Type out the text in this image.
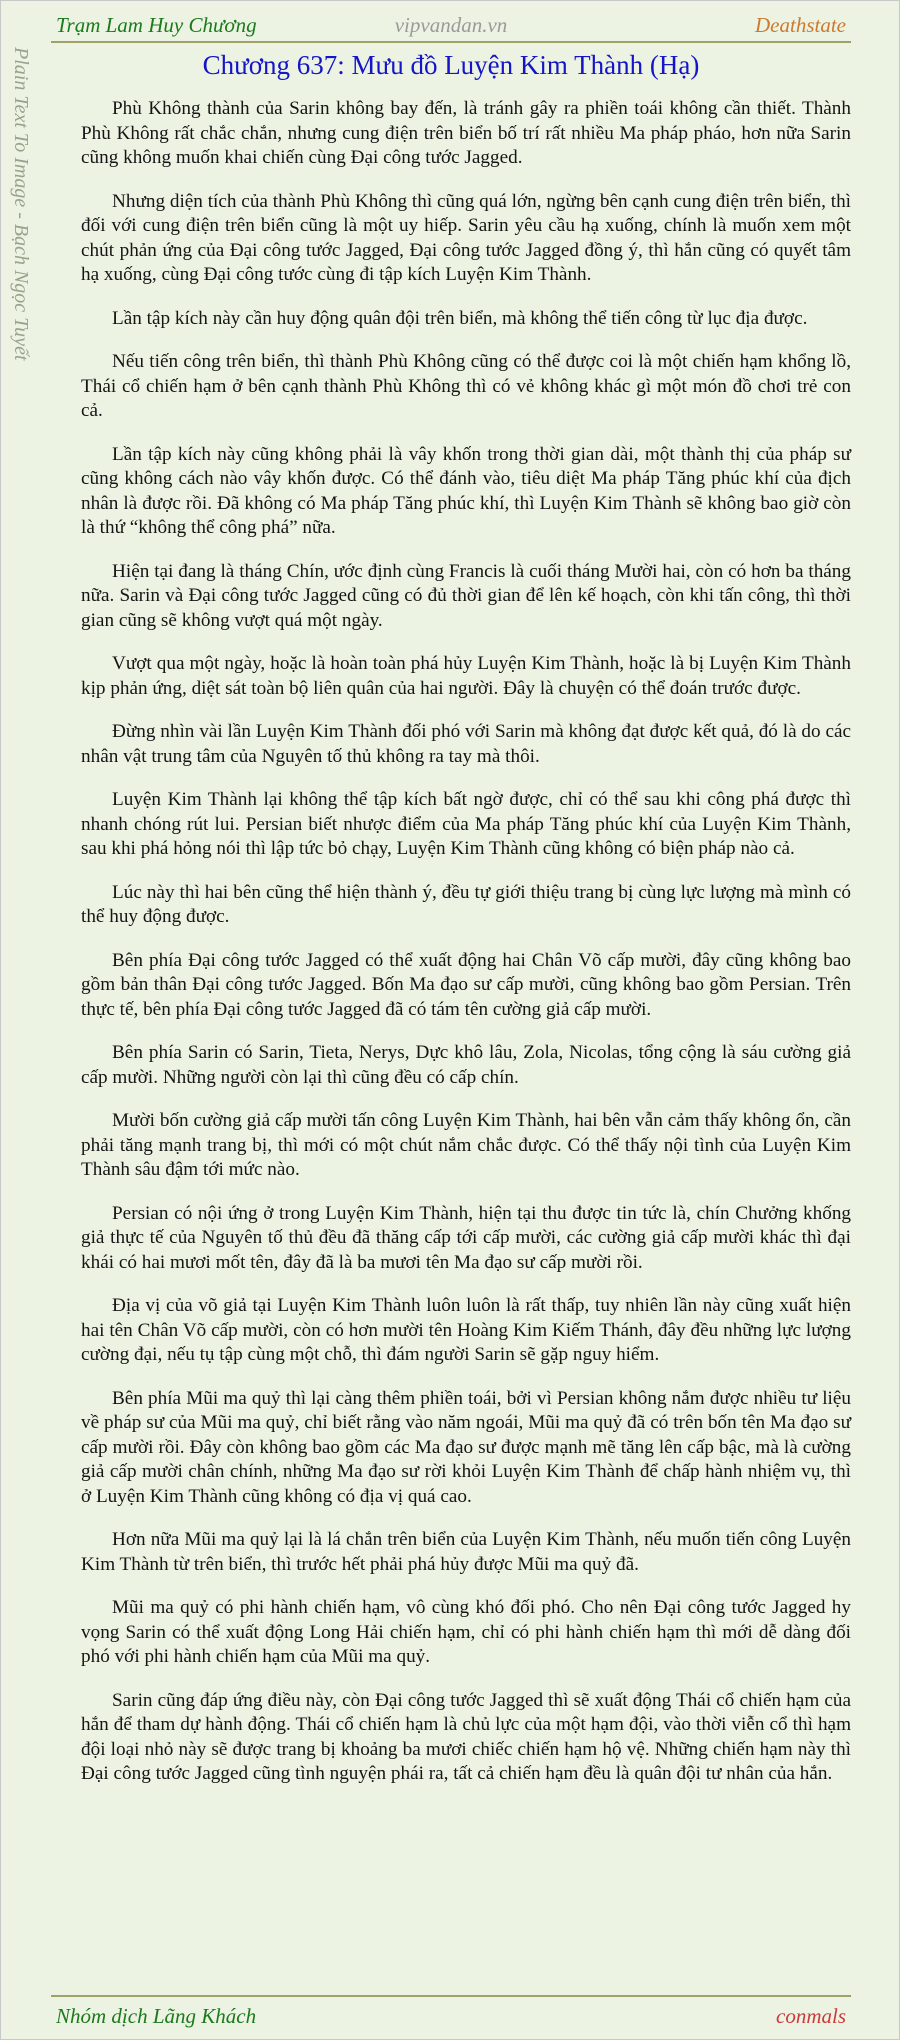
Trạm Lam Huy Chương	vipvandan.vn	Deathstate
Plain Text To Image - Bạch Ngọc Tuyết	Chương 637: Mưu đồ Luyện Kim Thành (Hạ)

Phù Không thành của Sarin không bay đến, là tránh gây ra phiền toái không cần thiết. Thành Phù Không rất chắc chắn, nhưng cung điện trên biển bố trí rất nhiều Ma pháp pháo, hơn nữa Sarin cũng không muốn khai chiến cùng Đại công tước Jagged.

Nhưng diện tích của thành Phù Không thì cũng quá lớn, ngừng bên cạnh cung điện trên biển, thì đối với cung điện trên biển cũng là một uy hiếp. Sarin yêu cầu hạ xuống, chính là muốn xem một chút phản ứng của Đại công tước Jagged, Đại công tước Jagged đồng ý, thì hắn cũng có quyết tâm hạ xuống, cùng Đại công tước cùng đi tập kích Luyện Kim Thành.

Lần tập kích này cần huy động quân đội trên biển, mà không thể tiến công từ lục địa được.

Nếu tiến công trên biển, thì thành Phù Không cũng có thể được coi là một chiến hạm khổng lồ, Thái cổ chiến hạm ở bên cạnh thành Phù Không thì có vẻ không khác gì một món đồ chơi trẻ con cả.

Lần tập kích này cũng không phải là vây khốn trong thời gian dài, một thành thị của pháp sư cũng không cách nào vây khốn được. Có thể đánh vào, tiêu diệt Ma pháp Tăng phúc khí của địch nhân là được rồi. Đã không có Ma pháp Tăng phúc khí, thì Luyện Kim Thành sẽ không bao giờ còn là thứ “không thể công phá” nữa.

Hiện tại đang là tháng Chín, ước định cùng Francis là cuối tháng Mười hai, còn có hơn ba tháng nữa. Sarin và Đại công tước Jagged cũng có đủ thời gian để lên kế hoạch, còn khi tấn công, thì thời gian cũng sẽ không vượt quá một ngày.

Vượt qua một ngày, hoặc là hoàn toàn phá hủy Luyện Kim Thành, hoặc là bị Luyện Kim Thành kịp phản ứng, diệt sát toàn bộ liên quân của hai người. Đây là chuyện có thể đoán trước được.

Đừng nhìn vài lần Luyện Kim Thành đối phó với Sarin mà không đạt được kết quả, đó là do các nhân vật trung tâm của Nguyên tố thủ không ra tay mà thôi.

Luyện Kim Thành lại không thể tập kích bất ngờ được, chỉ có thể sau khi công phá được thì nhanh chóng rút lui. Persian biết nhược điểm của Ma pháp Tăng phúc khí của Luyện Kim Thành, sau khi phá hỏng nói thì lập tức bỏ chạy, Luyện Kim Thành cũng không có biện pháp nào cả.

Lúc này thì hai bên cũng thể hiện thành ý, đều tự giới thiệu trang bị cùng lực lượng mà mình có thể huy động được.

Bên phía Đại công tước Jagged có thể xuất động hai Chân Võ cấp mười, đây cũng không bao gồm bản thân Đại công tước Jagged. Bốn Ma đạo sư cấp mười, cũng không bao gồm Persian. Trên thực tế, bên phía Đại công tước Jagged đã có tám tên cường giả cấp mười.

Bên phía Sarin có Sarin, Tieta, Nerys, Dực khô lâu, Zola, Nicolas, tổng cộng là sáu cường giả cấp mười. Những người còn lại thì cũng đều có cấp chín.

Mười bốn cường giả cấp mười tấn công Luyện Kim Thành, hai bên vẫn cảm thấy không ổn, cần phải tăng mạnh trang bị, thì mới có một chút nắm chắc được. Có thể thấy nội tình của Luyện Kim Thành sâu đậm tới mức nào.

Persian có nội ứng ở trong Luyện Kim Thành, hiện tại thu được tin tức là, chín Chưởng khống giả thực tế của Nguyên tố thủ đều đã thăng cấp tới cấp mười, các cường giả cấp mười khác thì đại khái có hai mươi mốt tên, đây đã là ba mươi tên Ma đạo sư cấp mười rồi.

Địa vị của võ giả tại Luyện Kim Thành luôn luôn là rất thấp, tuy nhiên lần này cũng xuất hiện hai tên Chân Võ cấp mười, còn có hơn mười tên Hoàng Kim Kiếm Thánh, đây đều những lực lượng cường đại, nếu tụ tập cùng một chỗ, thì đám người Sarin sẽ gặp nguy hiểm.

Bên phía Mũi ma quỷ thì lại càng thêm phiền toái, bởi vì Persian không nắm được nhiều tư liệu về pháp sư của Mũi ma quỷ, chỉ biết rằng vào năm ngoái, Mũi ma quỷ đã có trên bốn tên Ma đạo sư cấp mười rồi. Đây còn không bao gồm các Ma đạo sư được mạnh mẽ tăng lên cấp bậc, mà là cường giả cấp mười chân chính, những Ma đạo sư rời khỏi Luyện Kim Thành để chấp hành nhiệm vụ, thì ở Luyện Kim Thành cũng không có địa vị quá cao.

Hơn nữa Mũi ma quỷ lại là lá chắn trên biển của Luyện Kim Thành, nếu muốn tiến công Luyện Kim Thành từ trên biển, thì trước hết phải phá hủy được Mũi ma quỷ đã.

Mũi ma quỷ có phi hành chiến hạm, vô cùng khó đối phó. Cho nên Đại công tước Jagged hy vọng Sarin có thể xuất động Long Hải chiến hạm, chỉ có phi hành chiến hạm thì mới dễ dàng đối phó với phi hành chiến hạm của Mũi ma quỷ.

Sarin cũng đáp ứng điều này, còn Đại công tước Jagged thì sẽ xuất động Thái cổ chiến hạm của hắn để tham dự hành động. Thái cổ chiến hạm là chủ lực của một hạm đội, vào thời viễn cổ thì hạm đội loại nhỏ này sẽ được trang bị khoảng ba mươi chiếc chiến hạm hộ vệ. Những chiến hạm này thì Đại công tước Jagged cũng tình nguyện phái ra, tất cả chiến hạm đều là quân đội tư nhân của hắn.

Nhóm dịch Lãng Khách	conmals
